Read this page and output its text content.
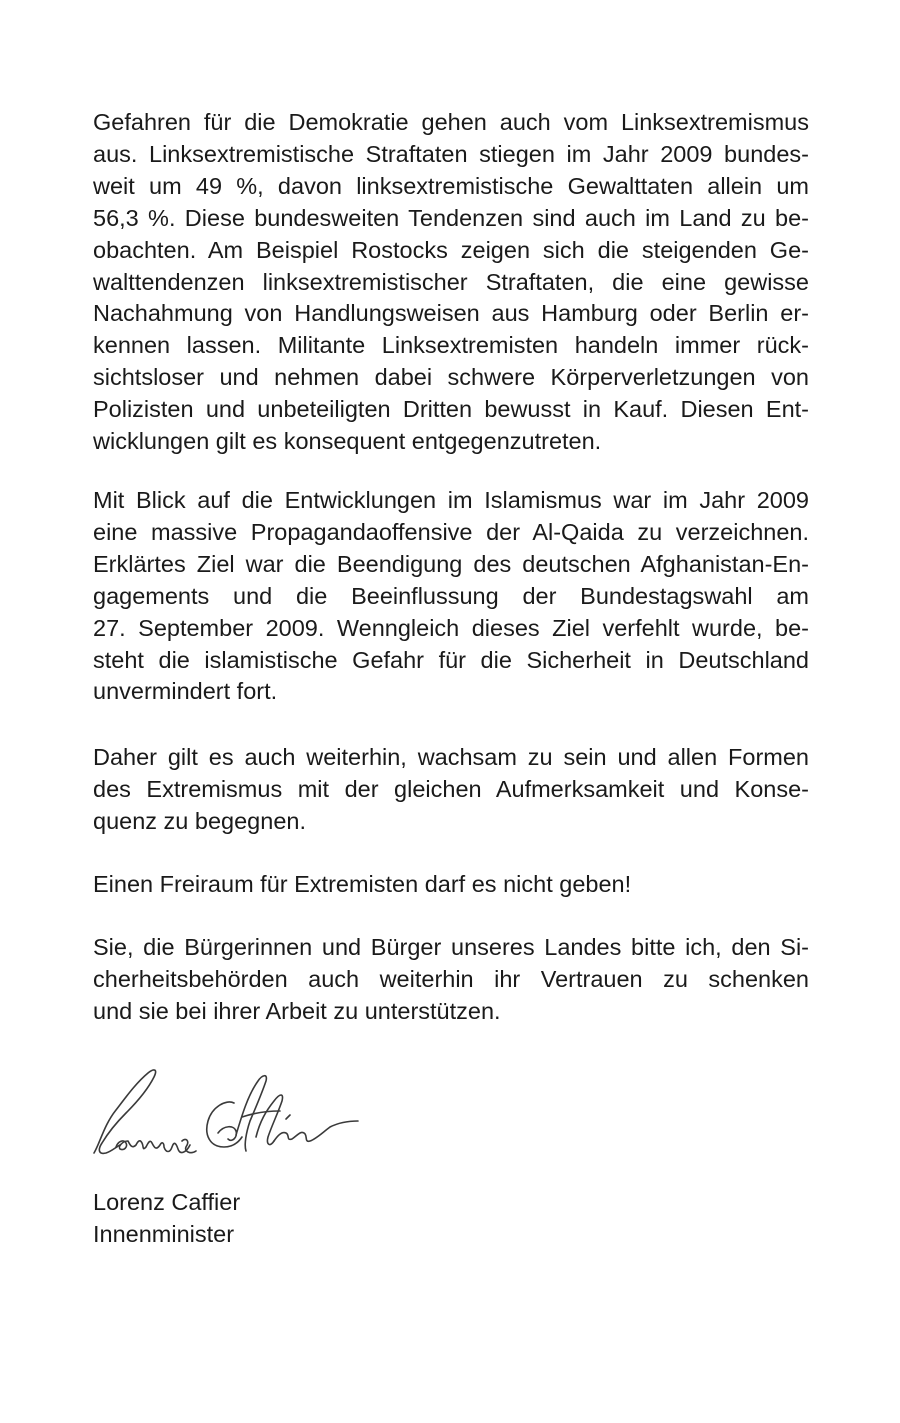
Gefahren für die Demokratie gehen auch vom Linksextremismus
aus. Linksextremistische Straftaten stiegen im Jahr 2009 bundes-
weit um 49 %, davon linksextremistische Gewalttaten allein um
56,3 %. Diese bundesweiten Tendenzen sind auch im Land zu be-
obachten. Am Beispiel Rostocks zeigen sich die steigenden Ge-
walttendenzen linksextremistischer Straftaten, die eine gewisse
Nachahmung von Handlungsweisen aus Hamburg oder Berlin er-
kennen lassen. Militante Linksextremisten handeln immer rück-
sichtsloser und nehmen dabei schwere Körperverletzungen von
Polizisten und unbeteiligten Dritten bewusst in Kauf. Diesen Ent-
wicklungen gilt es konsequent entgegenzutreten.
Mit Blick auf die Entwicklungen im Islamismus war im Jahr 2009
eine massive Propagandaoffensive der Al-Qaida zu verzeichnen.
Erklärtes Ziel war die Beendigung des deutschen Afghanistan-En-
gagements und die Beeinflussung der Bundestagswahl am
27. September 2009. Wenngleich dieses Ziel verfehlt wurde, be-
steht die islamistische Gefahr für die Sicherheit in Deutschland
unvermindert fort.
Daher gilt es auch weiterhin, wachsam zu sein und allen Formen
des Extremismus mit der gleichen Aufmerksamkeit und Konse-
quenz zu begegnen.
Einen Freiraum für Extremisten darf es nicht geben!
Sie, die Bürgerinnen und Bürger unseres Landes bitte ich, den Si-
cherheitsbehörden auch weiterhin ihr Vertrauen zu schenken
und sie bei ihrer Arbeit zu unterstützen.
Lorenz Caffier
Innenminister
